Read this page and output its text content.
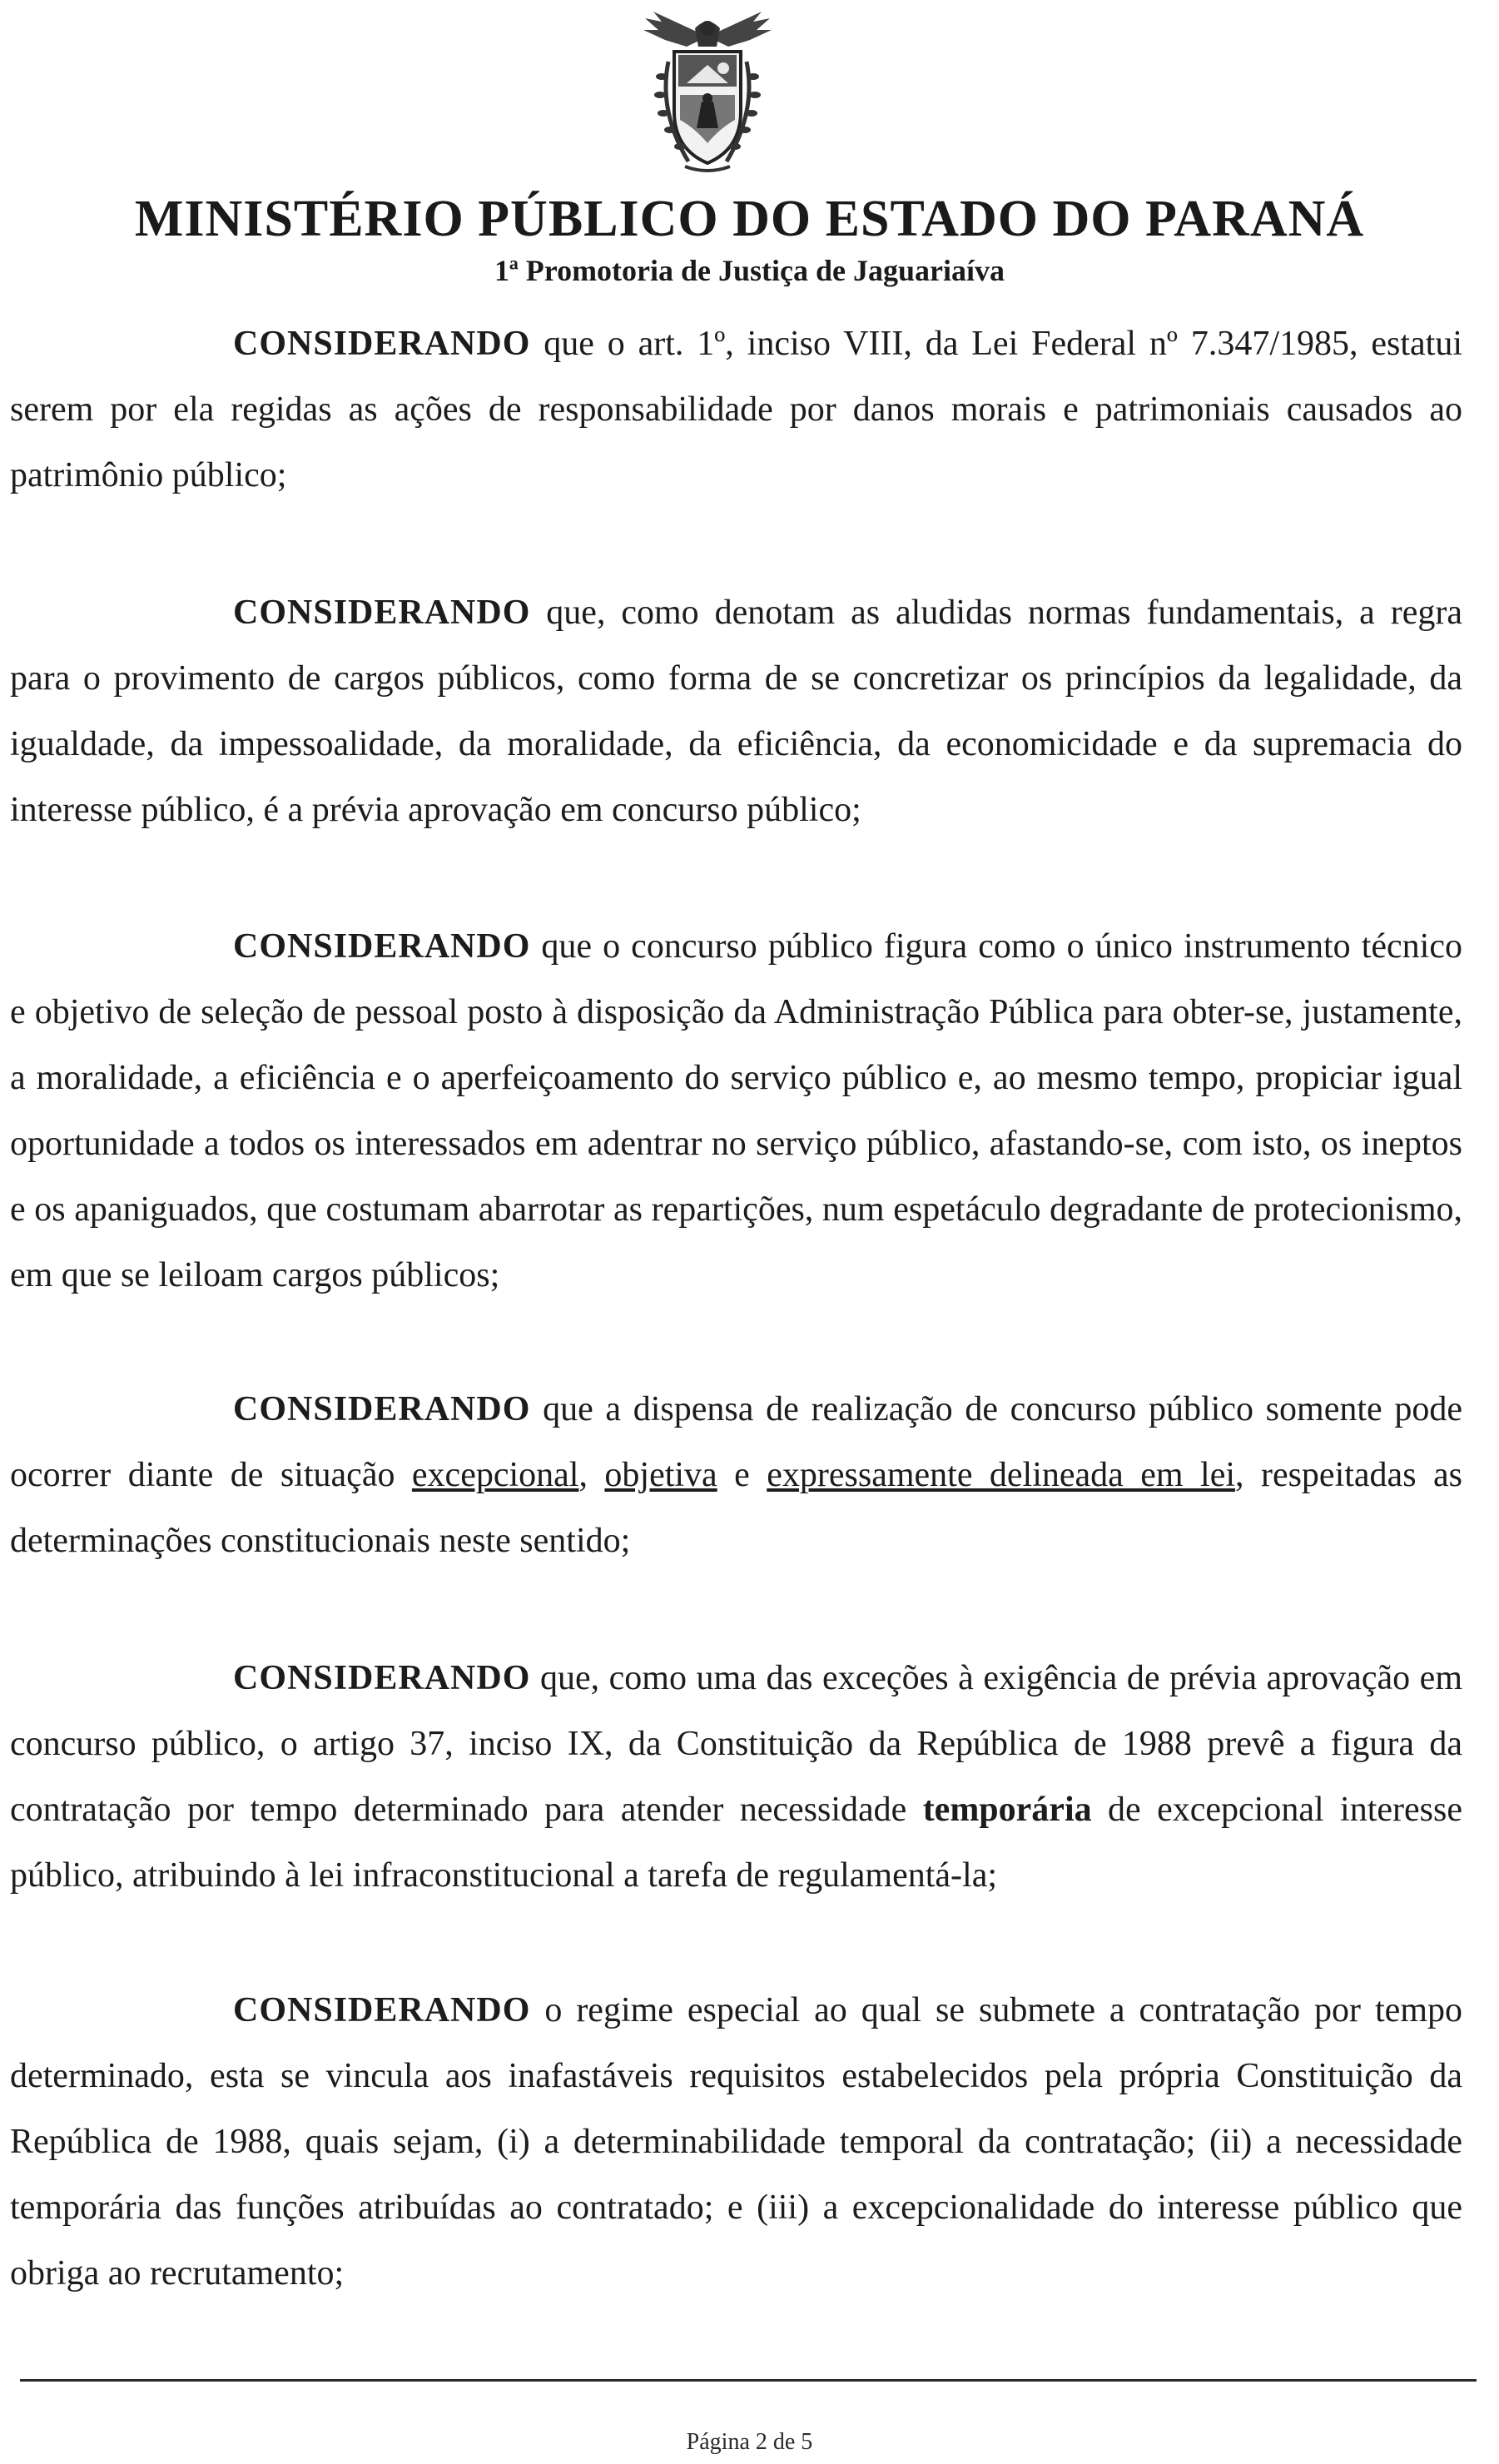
MINISTÉRIO PÚBLICO DO ESTADO DO PARANÁ
1ª Promotoria de Justiça de Jaguariaíva

CONSIDERANDO que o art. 1º, inciso VIII, da Lei Federal nº 7.347/1985, estatui serem por ela regidas as ações de responsabilidade por danos morais e patrimoniais causados ao patrimônio público;

CONSIDERANDO que, como denotam as aludidas normas fundamentais, a regra para o provimento de cargos públicos, como forma de se concretizar os princípios da legalidade, da igualdade, da impessoalidade, da moralidade, da eficiência, da economicidade e da supremacia do interesse público, é a prévia aprovação em concurso público;

CONSIDERANDO que o concurso público figura como o único instrumento técnico e objetivo de seleção de pessoal posto à disposição da Administração Pública para obter-se, justamente, a moralidade, a eficiência e o aperfeiçoamento do serviço público e, ao mesmo tempo, propiciar igual oportunidade a todos os interessados em adentrar no serviço público, afastando-se, com isto, os ineptos e os apaniguados, que costumam abarrotar as repartições, num espetáculo degradante de protecionismo, em que se leiloam cargos públicos;

CONSIDERANDO que a dispensa de realização de concurso público somente pode ocorrer diante de situação excepcional, objetiva e expressamente delineada em lei, respeitadas as determinações constitucionais neste sentido;

CONSIDERANDO que, como uma das exceções à exigência de prévia aprovação em concurso público, o artigo 37, inciso IX, da Constituição da República de 1988 prevê a figura da contratação por tempo determinado para atender necessidade temporária de excepcional interesse público, atribuindo à lei infraconstitucional a tarefa de regulamentá-la;

CONSIDERANDO o regime especial ao qual se submete a contratação por tempo determinado, esta se vincula aos inafastáveis requisitos estabelecidos pela própria Constituição da República de 1988, quais sejam, (i) a determinabilidade temporal da contratação; (ii) a necessidade temporária das funções atribuídas ao contratado; e (iii) a excepcionalidade do interesse público que obriga ao recrutamento;

Página 2 de 5
